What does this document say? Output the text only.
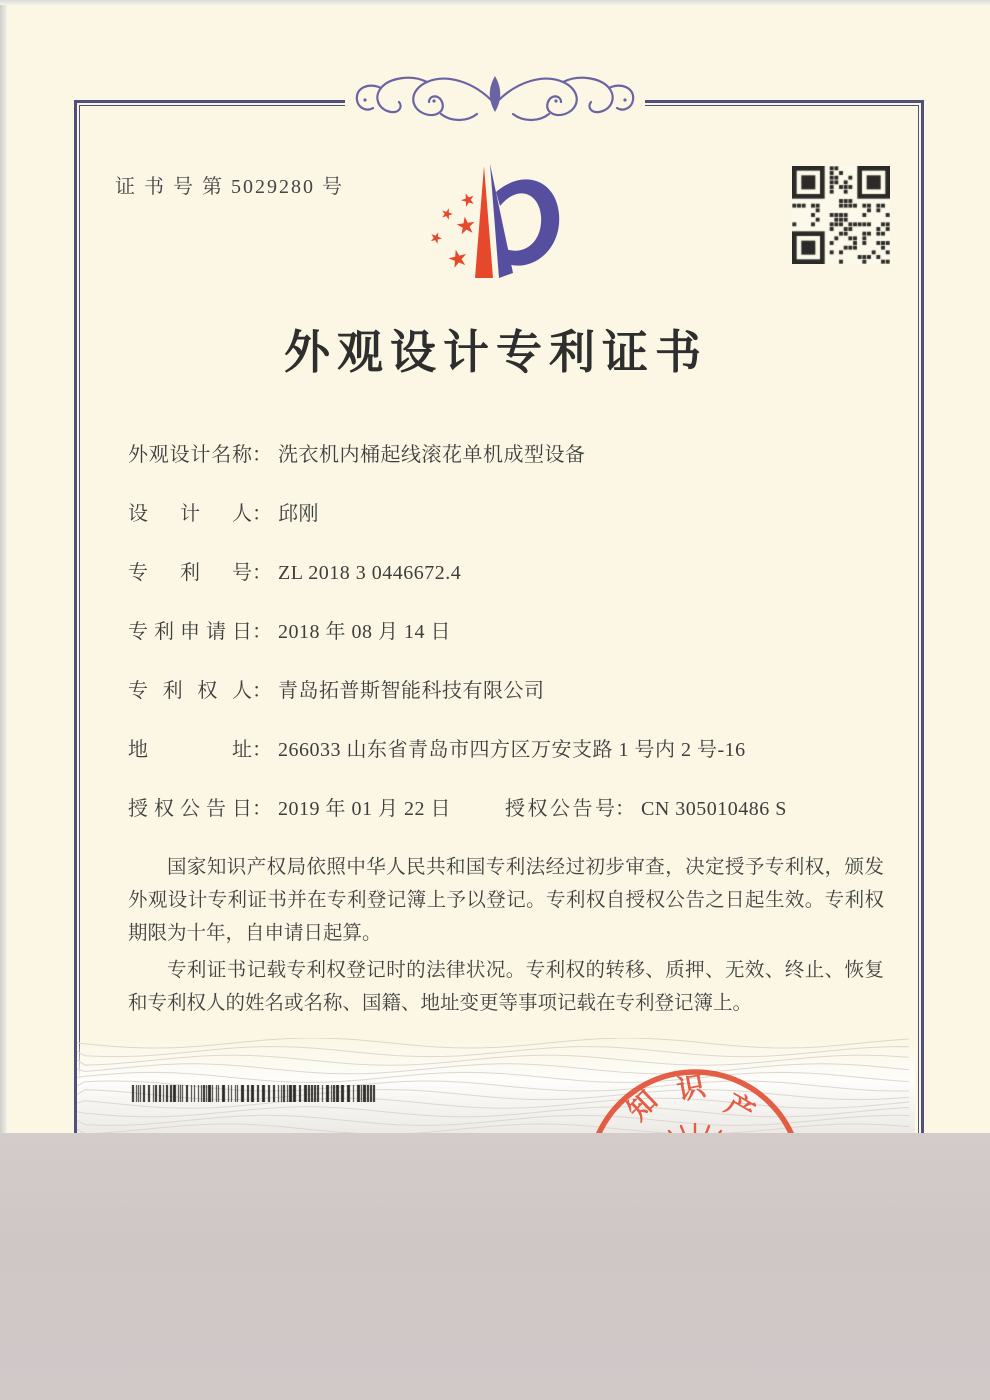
证 书 号 第 5029280 号
外观设计专利证书
外观设计名称： 洗衣机内桶起线滚花单机成型设备
设计人： 邱刚
专利号： ZL 2018 3 0446672.4
专利申请日： 2018 年 08 月 14 日
专利权人： 青岛拓普斯智能科技有限公司
地址： 266033 山东省青岛市四方区万安支路 1 号内 2 号-16
授权公告日： 2019 年 01 月 22 日	授权公告号： CN 305010486 S

国家知识产权局依照中华人民共和国专利法经过初步审查，决定授予专利权，颁发外观设计专利证书并在专利登记簿上予以登记。专利权自授权公告之日起生效。专利权期限为十年，自申请日起算。

专利证书记载专利权登记时的法律状况。专利权的转移、质押、无效、终止、恢复和专利权人的姓名或名称、国籍、地址变更等事项记载在专利登记簿上。

知 识 产
